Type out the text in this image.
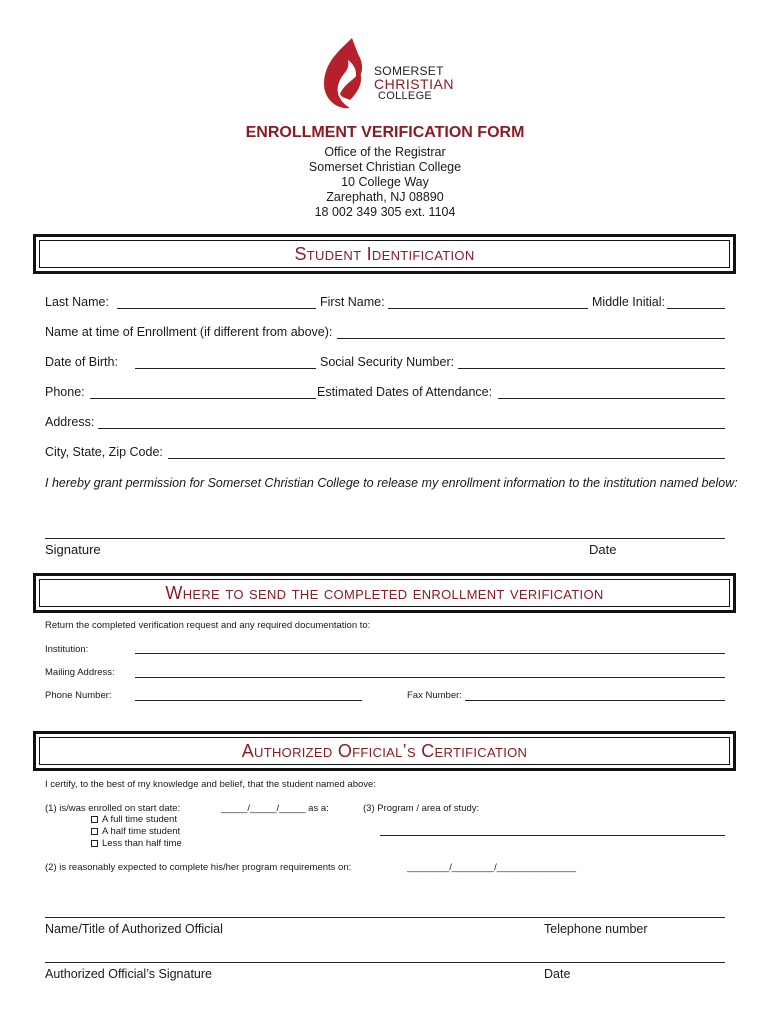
SOMERSET
CHRISTIAN
COLLEGE
ENROLLMENT VERIFICATION FORM
Office of the Registrar
Somerset Christian College
10 College Way
Zarephath, NJ 08890
18 002 349 305 ext. 1104
Student Identification
Last Name:	First Name:	Middle Initial:
Name at time of Enrollment (if different from above):
Date of Birth:	Social Security Number:
Phone:	Estimated Dates of Attendance:
Address:
City, State, Zip Code:
I hereby grant permission for Somerset Christian College to release my enrollment information to the institution named below:
Signature	Date
Where to send the completed enrollment verification
Return the completed verification request and any required documentation to:
Institution:
Mailing Address:
Phone Number:	Fax Number:
Authorized Official’s Certification
I certify, to the best of my knowledge and belief, that the student named above:
(1) is/was enrolled on start date:	_____/_____/_____ as a:	(3) Program / area of study:
A full time student
A half time student
Less than half time
(2) is reasonably expected to complete his/her program requirements on:	________/________/_______________
Name/Title of Authorized Official	Telephone number
Authorized Official’s Signature	Date
